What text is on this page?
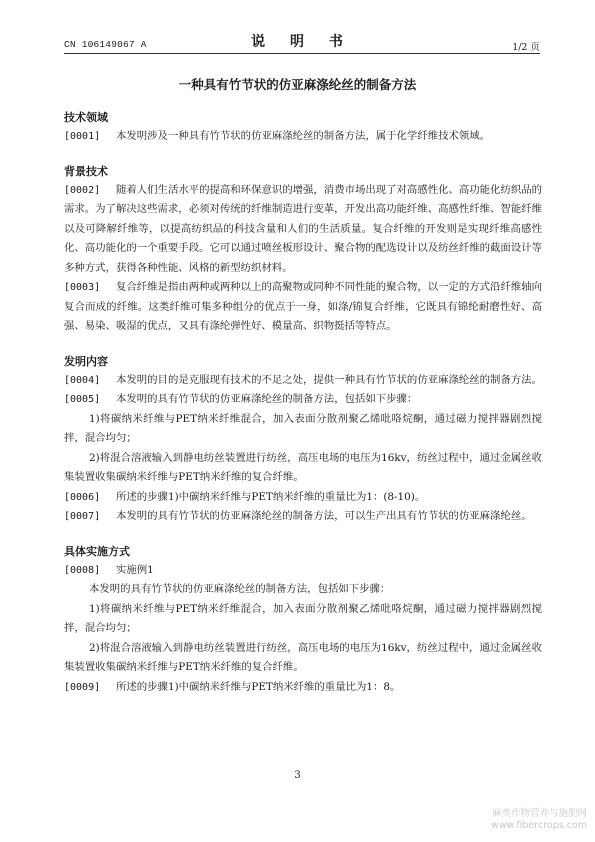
CN 106149067 A	说 明 书	1/2 页
一种具有竹节状的仿亚麻涤纶丝的制备方法
技术领域

[0001] 本发明涉及一种具有竹节状的仿亚麻涤纶丝的制备方法，属于化学纤维技术领域。

背景技术

[0002] 随着人们生活水平的提高和环保意识的增强，消费市场出现了对高感性化、高功能化纺织品的需求。为了解决这些需求，必须对传统的纤维制造进行变革，开发出高功能纤维、高感性纤维、智能纤维以及可降解纤维等，以提高纺织品的科技含量和人们的生活质量。复合纤维的开发则是实现纤维高感性化、高功能化的一个重要手段。它可以通过喷丝板形设计、聚合物的配选设计以及纺丝纤维的截面设计等多种方式，获得各种性能、风格的新型纺织材料。

[0003] 复合纤维是指由两种或两种以上的高聚物或同种不同性能的聚合物，以一定的方式沿纤维轴向复合而成的纤维。这类纤维可集多种组分的优点于一身，如涤/锦复合纤维，它既具有锦纶耐磨性好、高强、易染、吸湿的优点，又具有涤纶弹性好、模量高、织物挺括等特点。

发明内容

[0004] 本发明的目的是克服现有技术的不足之处，提供一种具有竹节状的仿亚麻涤纶丝的制备方法。

[0005] 本发明的具有竹节状的仿亚麻涤纶丝的制备方法，包括如下步骤：

1)将碳纳米纤维与PET纳米纤维混合，加入表面分散剂聚乙烯吡咯烷酮，通过磁力搅拌器剧烈搅拌，混合均匀；

2)将混合溶液输入到静电纺丝装置进行纺丝，高压电场的电压为16kv，纺丝过程中，通过金属丝收集装置收集碳纳米纤维与PET纳米纤维的复合纤维。

[0006] 所述的步骤1)中碳纳米纤维与PET纳米纤维的重量比为1：(8-10)。

[0007] 本发明的具有竹节状的仿亚麻涤纶丝的制备方法，可以生产出具有竹节状的仿亚麻涤纶丝。

具体实施方式

[0008] 实施例1

本发明的具有竹节状的仿亚麻涤纶丝的制备方法，包括如下步骤：

1)将碳纳米纤维与PET纳米纤维混合，加入表面分散剂聚乙烯吡咯烷酮，通过磁力搅拌器剧烈搅拌，混合均匀；

2)将混合溶液输入到静电纺丝装置进行纺丝，高压电场的电压为16kv，纺丝过程中，通过金属丝收集装置收集碳纳米纤维与PET纳米纤维的复合纤维。

[0009] 所述的步骤1)中碳纳米纤维与PET纳米纤维的重量比为1：8。

3
麻类作物营养与施肥网
www.fibercrops.com
